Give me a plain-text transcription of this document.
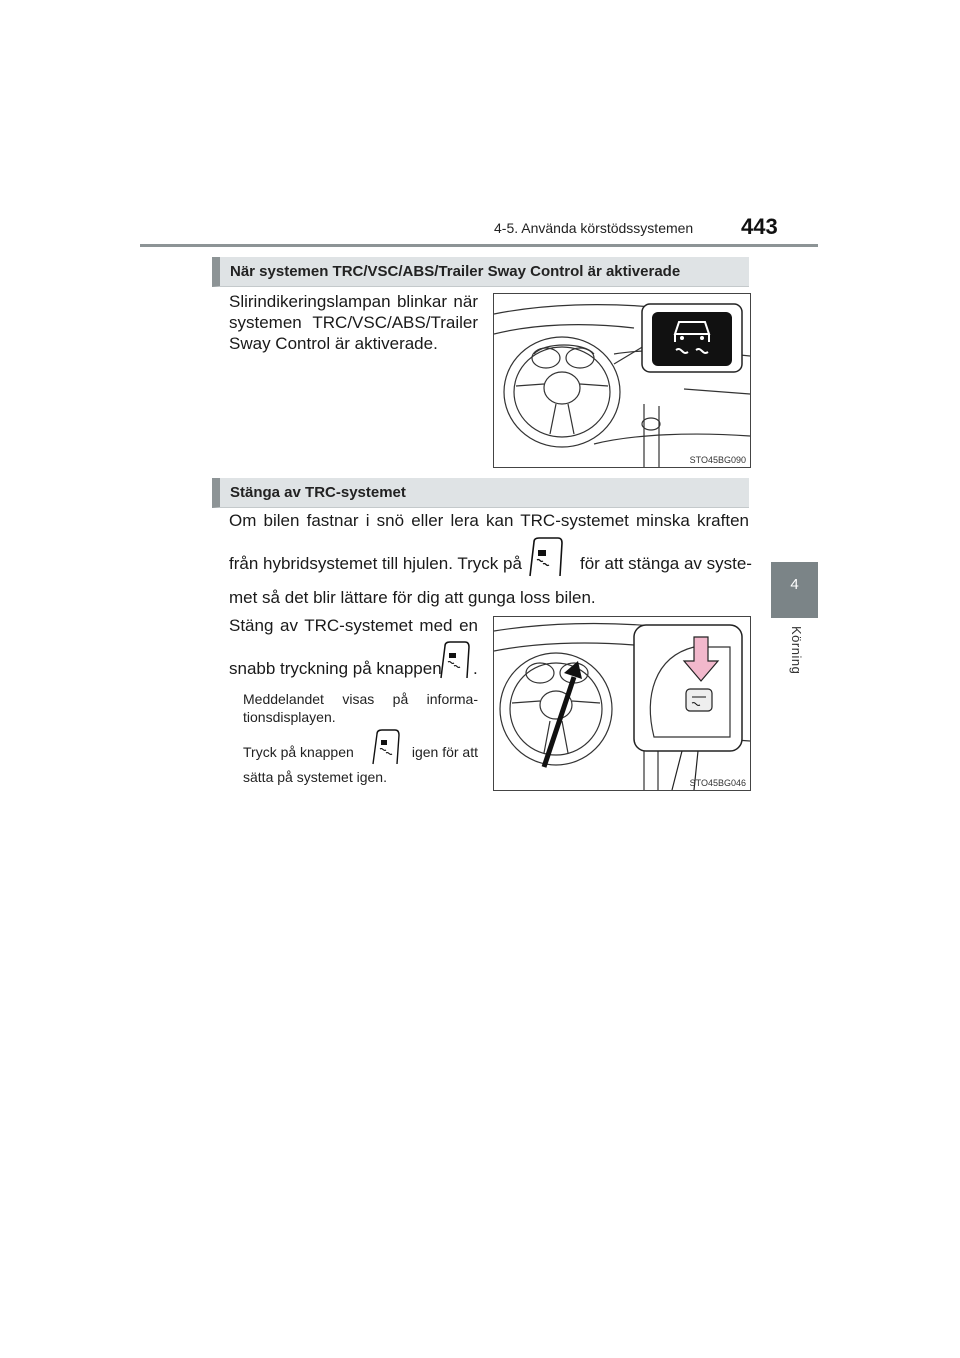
4-5. Använda körstödssystemen 443
4
Körning
När systemen TRC/VSC/ABS/Trailer Sway Control är aktiverade
Slirindikeringslampan blinkar när
systemen TRC/VSC/ABS/Trailer
Sway Control är aktiverade.
STO45BG090
Stänga av TRC-systemet
Om bilen fastnar i snö eller lera kan TRC-systemet minska kraften
från hybridsystemet till hjulen. Tryck på	för att stänga av syste-
met så det blir lättare för dig att gunga loss bilen.
Stäng av TRC-systemet med en
snabb tryckning på knappen .
Meddelandet visas på informa-
tionsdisplayen.
Tryck på knappen	igen för att
sätta på systemet igen.	STO45BG046
